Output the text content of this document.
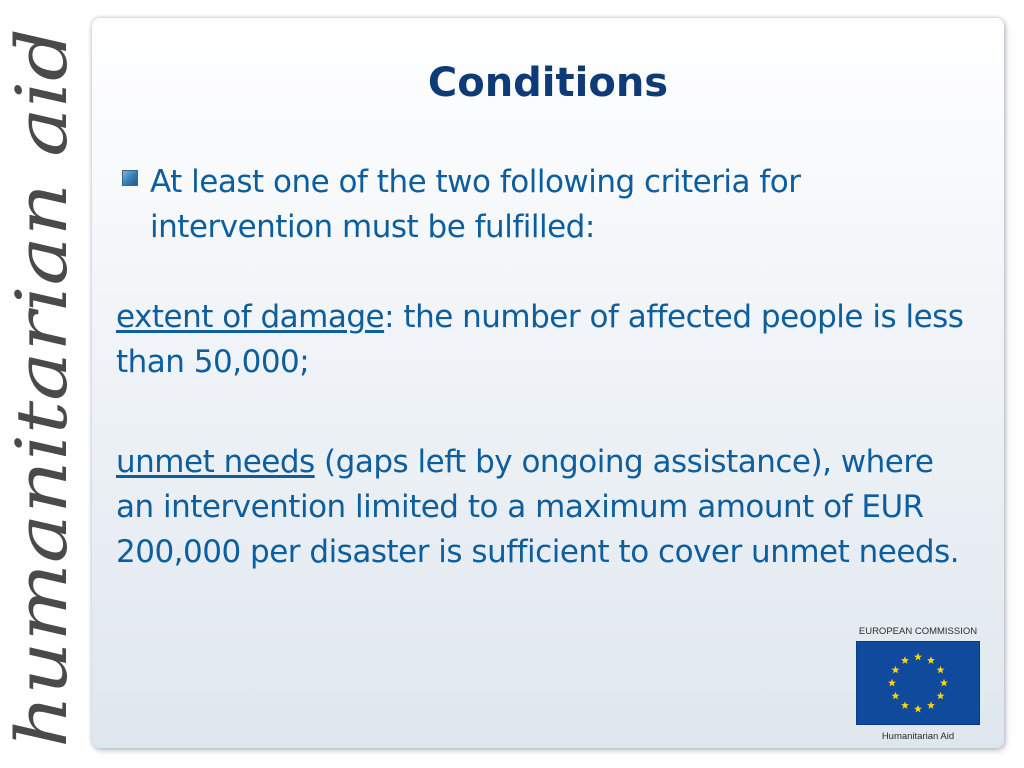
humanitarian aid
Conditions
At least one of the two following criteria for intervention must be fulfilled:

extent of damage: the number of affected people is less than 50,000;

unmet needs (gaps left by ongoing assistance), where an intervention limited to a maximum amount of EUR 200,000 per disaster is sufficient to cover unmet needs.

EUROPEAN COMMISSION
Humanitarian Aid
